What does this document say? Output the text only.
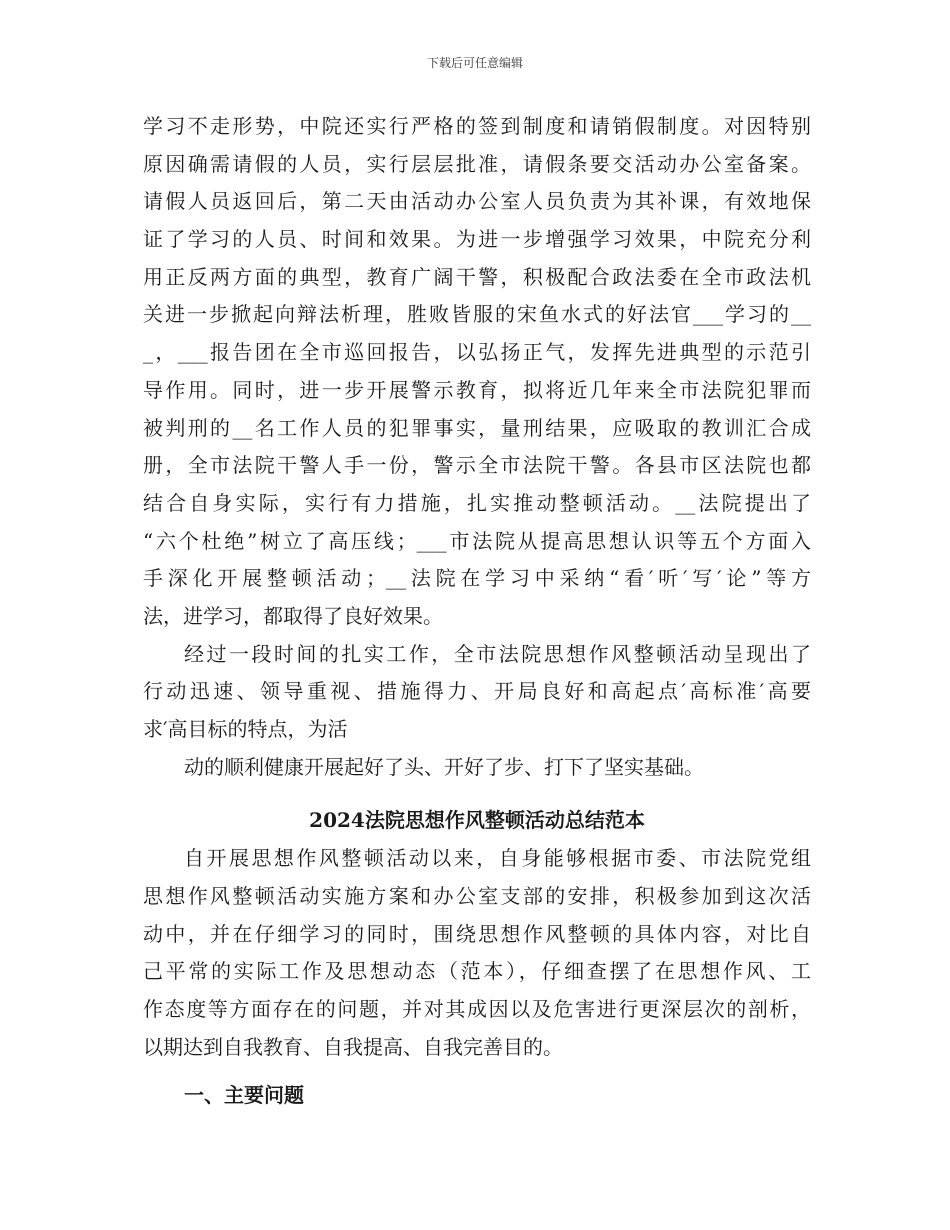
下载后可任意编辑
学习不走形势，中院还实行严格的签到制度和请销假制度。对因特别
原因确需请假的人员，实行层层批准，请假条要交活动办公室备案。
请假人员返回后，第二天由活动办公室人员负责为其补课，有效地保
证了学习的人员、时间和效果。为进一步增强学习效果，中院充分利
用正反两方面的典型，教育广阔干警，积极配合政法委在全市政法机
关进一步掀起向辩法析理，胜败皆服的宋鱼水式的好法官___学习的__
_，___报告团在全市巡回报告，以弘扬正气，发挥先进典型的示范引
导作用。同时，进一步开展警示教育，拟将近几年来全市法院犯罪而
被判刑的__名工作人员的犯罪事实，量刑结果，应吸取的教训汇合成
册，全市法院干警人手一份，警示全市法院干警。各县市区法院也都
结合自身实际，实行有力措施，扎实推动整顿活动。__法院提出了
“六个杜绝”树立了高压线；___市法院从提高思想认识等五个方面入
手深化开展整顿活动；__法院在学习中采纳“看′听′写′论”等方
法，进学习，都取得了良好效果。
经过一段时间的扎实工作，全市法院思想作风整顿活动呈现出了
行动迅速、领导重视、措施得力、开局良好和高起点′高标准′高要
求′高目标的特点，为活
动的顺利健康开展起好了头、开好了步、打下了坚实基础。
2024法院思想作风整顿活动总结范本
自开展思想作风整顿活动以来，自身能够根据市委、市法院党组
思想作风整顿活动实施方案和办公室支部的安排，积极参加到这次活
动中，并在仔细学习的同时，围绕思想作风整顿的具体内容，对比自
己平常的实际工作及思想动态（范本），仔细查摆了在思想作风、工
作态度等方面存在的问题，并对其成因以及危害进行更深层次的剖析，
以期达到自我教育、自我提高、自我完善目的。
一、主要问题
